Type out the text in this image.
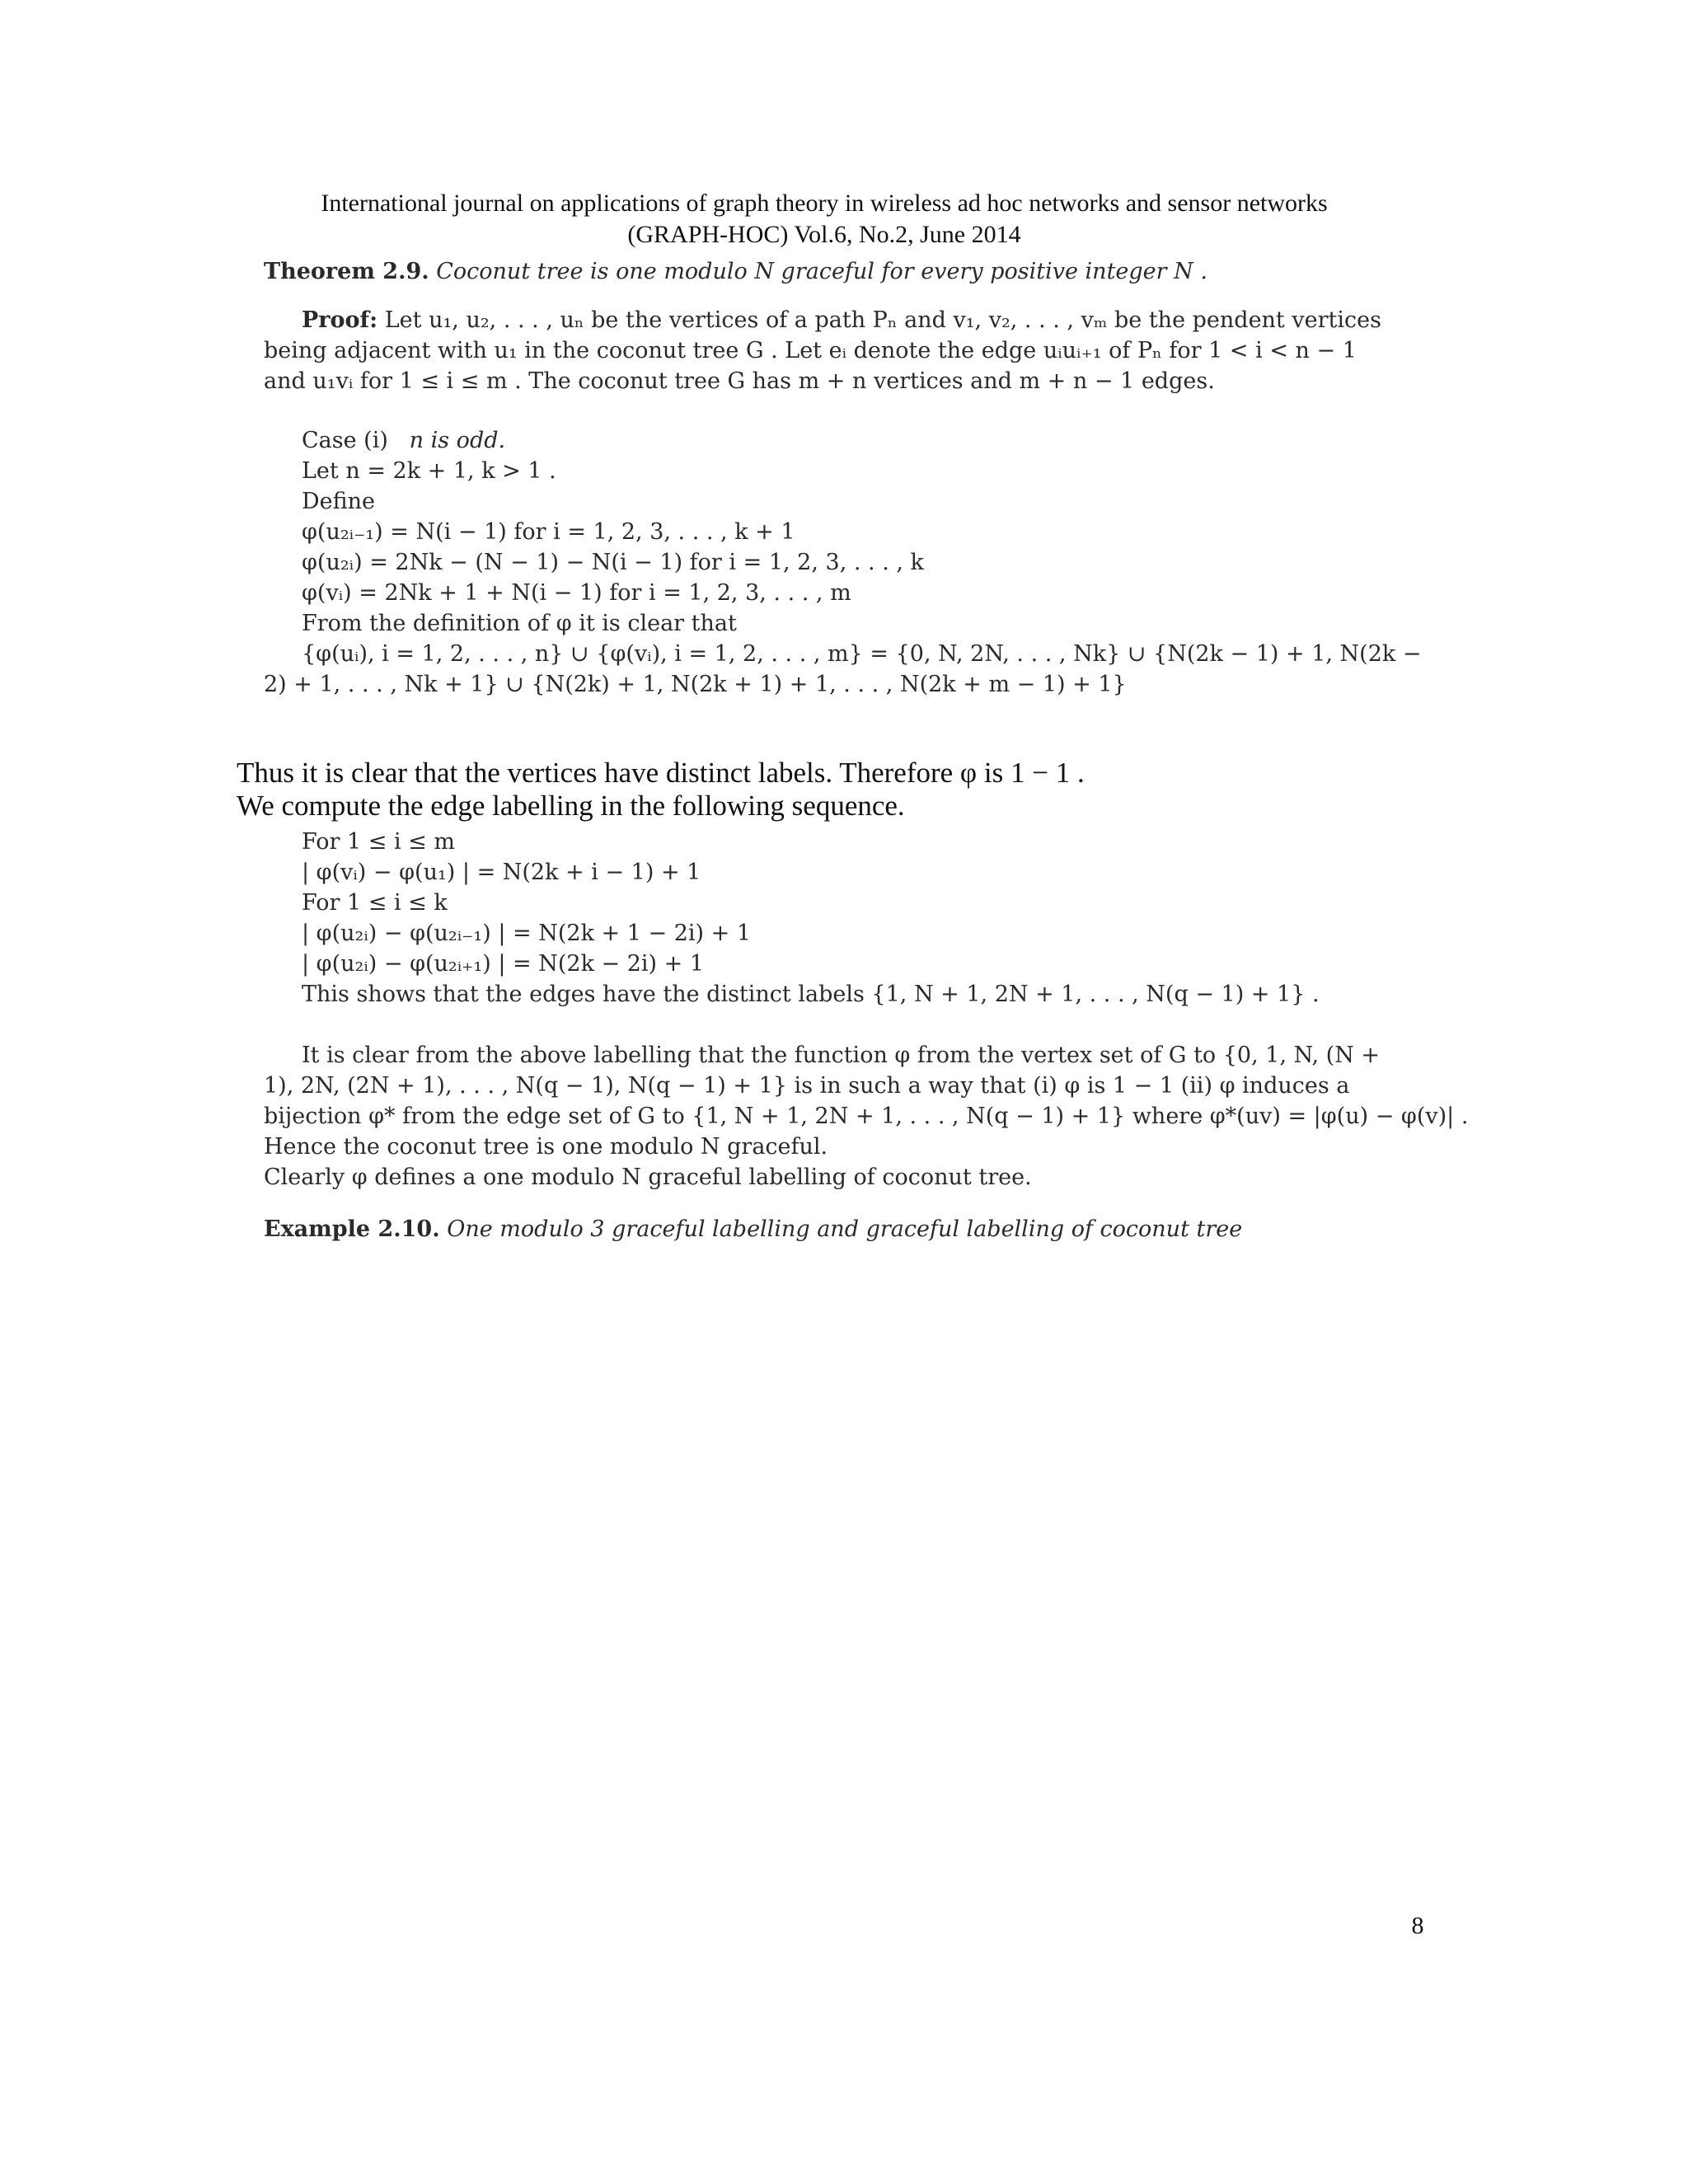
International journal on applications of graph theory in wireless ad hoc networks and sensor networks
(GRAPH-HOC) Vol.6, No.2, June 2014
Theorem 2.9. Coconut tree is one modulo N graceful for every positive integer N .
Proof: Let u₁, u₂, . . . , uₙ be the vertices of a path Pₙ and v₁, v₂, . . . , vₘ be the pendent vertices
being adjacent with u₁ in the coconut tree G . Let eᵢ denote the edge uᵢuᵢ₊₁ of Pₙ for 1 < i < n − 1
and u₁vᵢ for 1 ≤ i ≤ m . The coconut tree G has m + n vertices and m + n − 1 edges.
Case (i) n is odd.
Let n = 2k + 1, k > 1 .
Define
φ(u₂ᵢ₋₁) = N(i − 1) for i = 1, 2, 3, . . . , k + 1
φ(u₂ᵢ) = 2Nk − (N − 1) − N(i − 1) for i = 1, 2, 3, . . . , k
φ(vᵢ) = 2Nk + 1 + N(i − 1) for i = 1, 2, 3, . . . , m
From the definition of φ it is clear that
{φ(uᵢ), i = 1, 2, . . . , n} ∪ {φ(vᵢ), i = 1, 2, . . . , m} = {0, N, 2N, . . . , Nk} ∪ {N(2k − 1) + 1, N(2k −
2) + 1, . . . , Nk + 1} ∪ {N(2k) + 1, N(2k + 1) + 1, . . . , N(2k + m − 1) + 1}
Thus it is clear that the vertices have distinct labels. Therefore φ is 1 − 1 .
We compute the edge labelling in the following sequence.
For 1 ≤ i ≤ m
| φ(vᵢ) − φ(u₁) | = N(2k + i − 1) + 1
For 1 ≤ i ≤ k
| φ(u₂ᵢ) − φ(u₂ᵢ₋₁) | = N(2k + 1 − 2i) + 1
| φ(u₂ᵢ) − φ(u₂ᵢ₊₁) | = N(2k − 2i) + 1
This shows that the edges have the distinct labels {1, N + 1, 2N + 1, . . . , N(q − 1) + 1} .
It is clear from the above labelling that the function φ from the vertex set of G to {0, 1, N, (N +
1), 2N, (2N + 1), . . . , N(q − 1), N(q − 1) + 1} is in such a way that (i) φ is 1 − 1 (ii) φ induces a
bijection φ* from the edge set of G to {1, N + 1, 2N + 1, . . . , N(q − 1) + 1} where φ*(uv) = |φ(u) − φ(v)| .
Hence the coconut tree is one modulo N graceful.
Clearly φ defines a one modulo N graceful labelling of coconut tree.
Example 2.10. One modulo 3 graceful labelling and graceful labelling of coconut tree
8
